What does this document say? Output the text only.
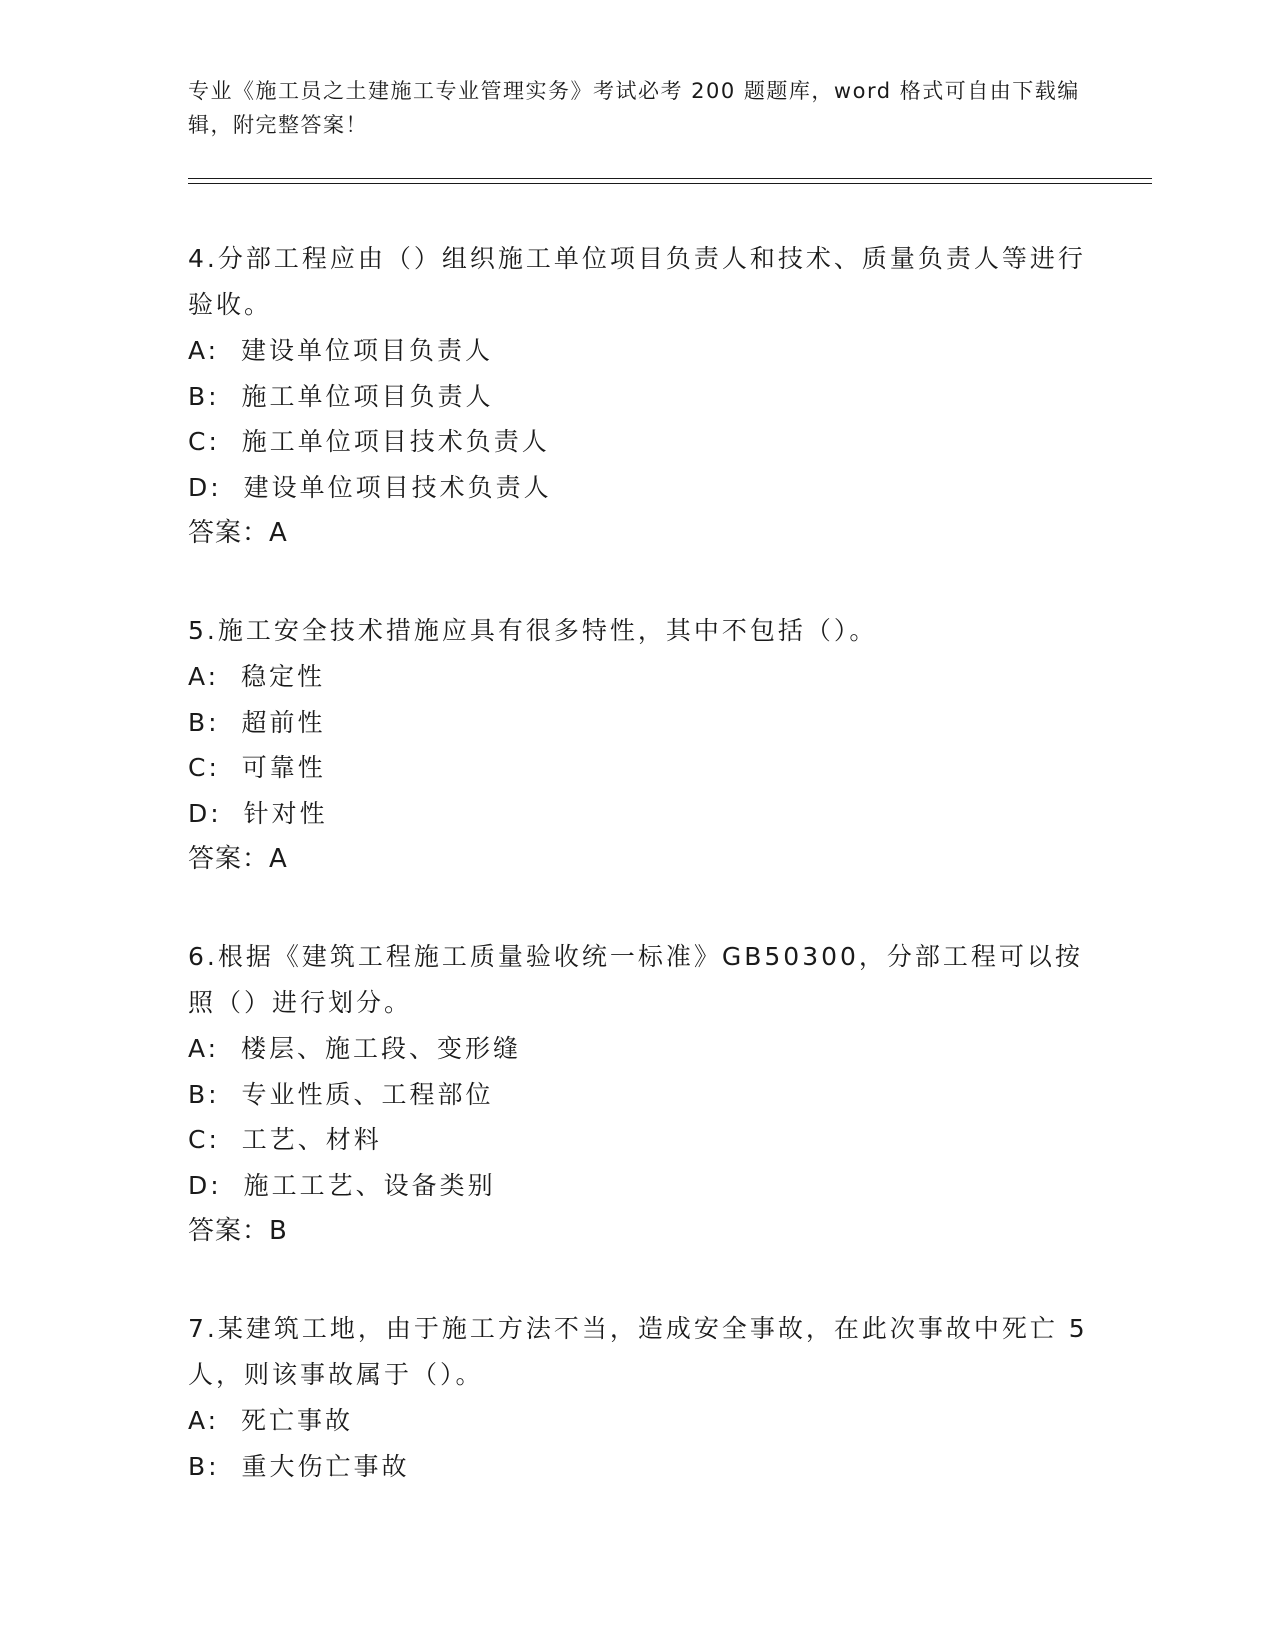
专业《施工员之土建施工专业管理实务》考试必考 200 题题库，word 格式可自由下载编辑，附完整答案！

4.分部工程应由（）组织施工单位项目负责人和技术、质量负责人等进行验收。

A:  建设单位项目负责人

B:  施工单位项目负责人

C:  施工单位项目技术负责人

D:  建设单位项目技术负责人

答案：A

5.施工安全技术措施应具有很多特性，其中不包括（）。

A:  稳定性

B:  超前性

C:  可靠性

D:  针对性

答案：A

6.根据《建筑工程施工质量验收统一标准》GB50300，分部工程可以按照（）进行划分。

A:  楼层、施工段、变形缝

B:  专业性质、工程部位

C:  工艺、材料

D:  施工工艺、设备类别

答案：B

7.某建筑工地，由于施工方法不当，造成安全事故，在此次事故中死亡 5 人，则该事故属于（）。

A:  死亡事故

B:  重大伤亡事故
